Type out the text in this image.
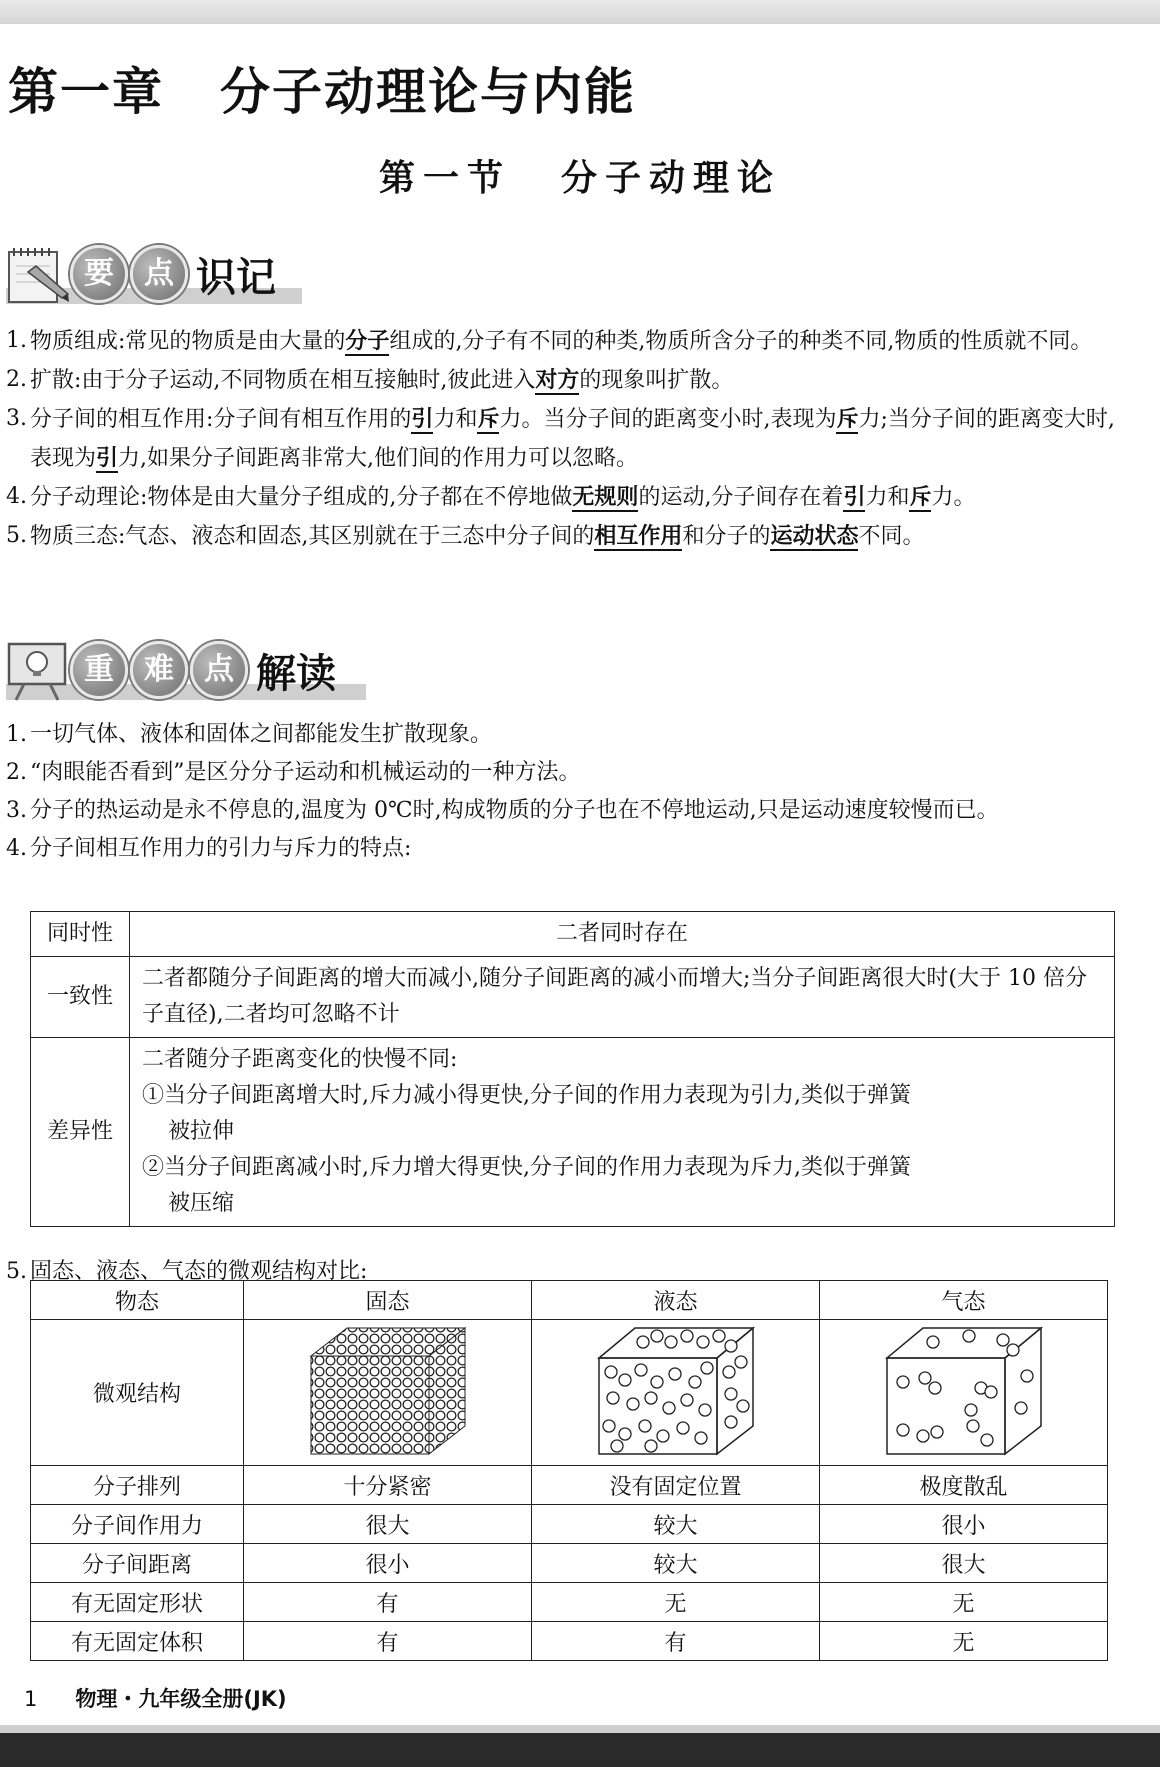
第一章 分子动理论与内能
第一节 分子动理论
要	点 识记
1. 物质组成:常见的物质是由大量的分子组成的,分子有不同的种类,物质所含分子的种类不同,物质的性质就不同。
2. 扩散:由于分子运动,不同物质在相互接触时,彼此进入对方的现象叫扩散。
3. 分子间的相互作用:分子间有相互作用的引力和斥力。当分子间的距离变小时,表现为斥力;当分子间的距离变大时,表现为引力,如果分子间距离非常大,他们间的作用力可以忽略。
4. 分子动理论:物体是由大量分子组成的,分子都在不停地做无规则的运动,分子间存在着引力和斥力。
5. 物质三态:气态、液态和固态,其区别就在于三态中分子间的相互作用和分子的运动状态不同。
重	难	点 解读
1. 一切气体、液体和固体之间都能发生扩散现象。
2. “肉眼能否看到”是区分分子运动和机械运动的一种方法。
3. 分子的热运动是永不停息的,温度为 0℃时,构成物质的分子也在不停地运动,只是运动速度较慢而已。
4. 分子间相互作用力的引力与斥力的特点:
同时性	二者同时存在
一致性	二者都随分子间距离的增大而减小,随分子间距离的减小而增大;当分子间距离很大时(大于 10 倍分子直径),二者均可忽略不计
差异性	二者随分子距离变化的快慢不同:
①当分子间距离增大时,斥力减小得更快,分子间的作用力表现为引力,类似于弹簧
被拉伸
②当分子间距离减小时,斥力增大得更快,分子间的作用力表现为斥力,类似于弹簧
被压缩
5. 固态、液态、气态的微观结构对比:
物态	固态	液态	气态
微观结构			
分子排列	十分紧密	没有固定位置	极度散乱
分子间作用力	很大	较大	很小
分子间距离	很小	较大	很大
有无固定形状	有	无	无
有无固定体积	有	有	无
1 物理・九年级全册(JK)
